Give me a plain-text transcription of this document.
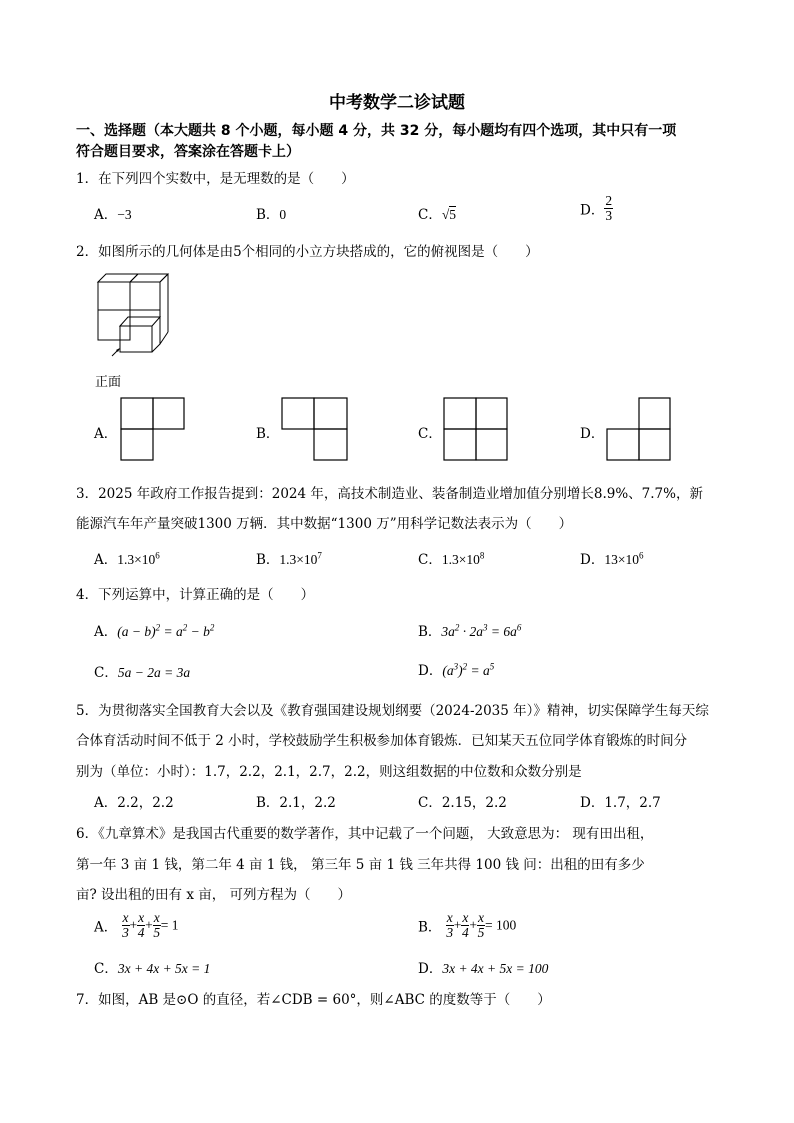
中考数学二诊试题
一、选择题（本大题共 8 个小题，每小题 4 分，共 32 分，每小题均有四个选项，其中只有一项
符合题目要求，答案涂在答题卡上）
1．在下列四个实数中，是无理数的是（　　）
A．−3	B．0	C．√5	D． $\frac{2}{3}$
2．如图所示的几何体是由5个相同的小立方块搭成的，它的俯视图是（　　）
正面
A．	B．	C．	D．
3．2025 年政府工作报告提到：2024 年，高技术制造业、装备制造业增加值分别增长8.9%、7.7%，新
能源汽车年产量突破1300 万辆．其中数据“1300 万”用科学记数法表示为（　　）
A．$1.3\times 10^6$	B．$1.3\times 10^7$	C．$1.3\times 10^8$	D．$13\times 10^6$
4．下列运算中，计算正确的是（　　）
A．$(a - b)^2 = a^2 - b^2$	B．$3a^2 \cdot 2a^3 = 6a^6$
C．5a − 2a = 3a	D．$(a^3)^2 = a^5$
5．为贯彻落实全国教育大会以及《教育强国建设规划纲要（2024-2035 年）》精神，切实保障学生每天综
合体育活动时间不低于 2 小时，学校鼓励学生积极参加体育锻炼．已知某天五位同学体育锻炼的时间分
别为（单位：小时）：1.7，2.2，2.1，2.7，2.2，则这组数据的中位数和众数分别是
A．2.2，2.2	B．2.1，2.2	C．2.15，2.2	D．1.7，2.7
6．《九章算术》是我国古代重要的数学著作，其中记载了一个问题， 大致意思为： 现有田出租，
第一年 3 亩 1 钱，第二年 4 亩 1 钱， 第三年 5 亩 1 钱 三年共得 100 钱 问：出租的田有多少
亩? 设出租的田有 x 亩， 可列方程为（　　）
A． $\frac{x}{3} + \frac{x}{4} + \frac{x}{5} = 1$	B． $\frac{x}{3} + \frac{x}{4} + \frac{x}{5} = 100$
C．3x + 4x + 5x = 1	D．3x + 4x + 5x = 100
7．如图，AB 是⊙O 的直径，若∠CDB = 60°，则∠ABC 的度数等于（　　）
